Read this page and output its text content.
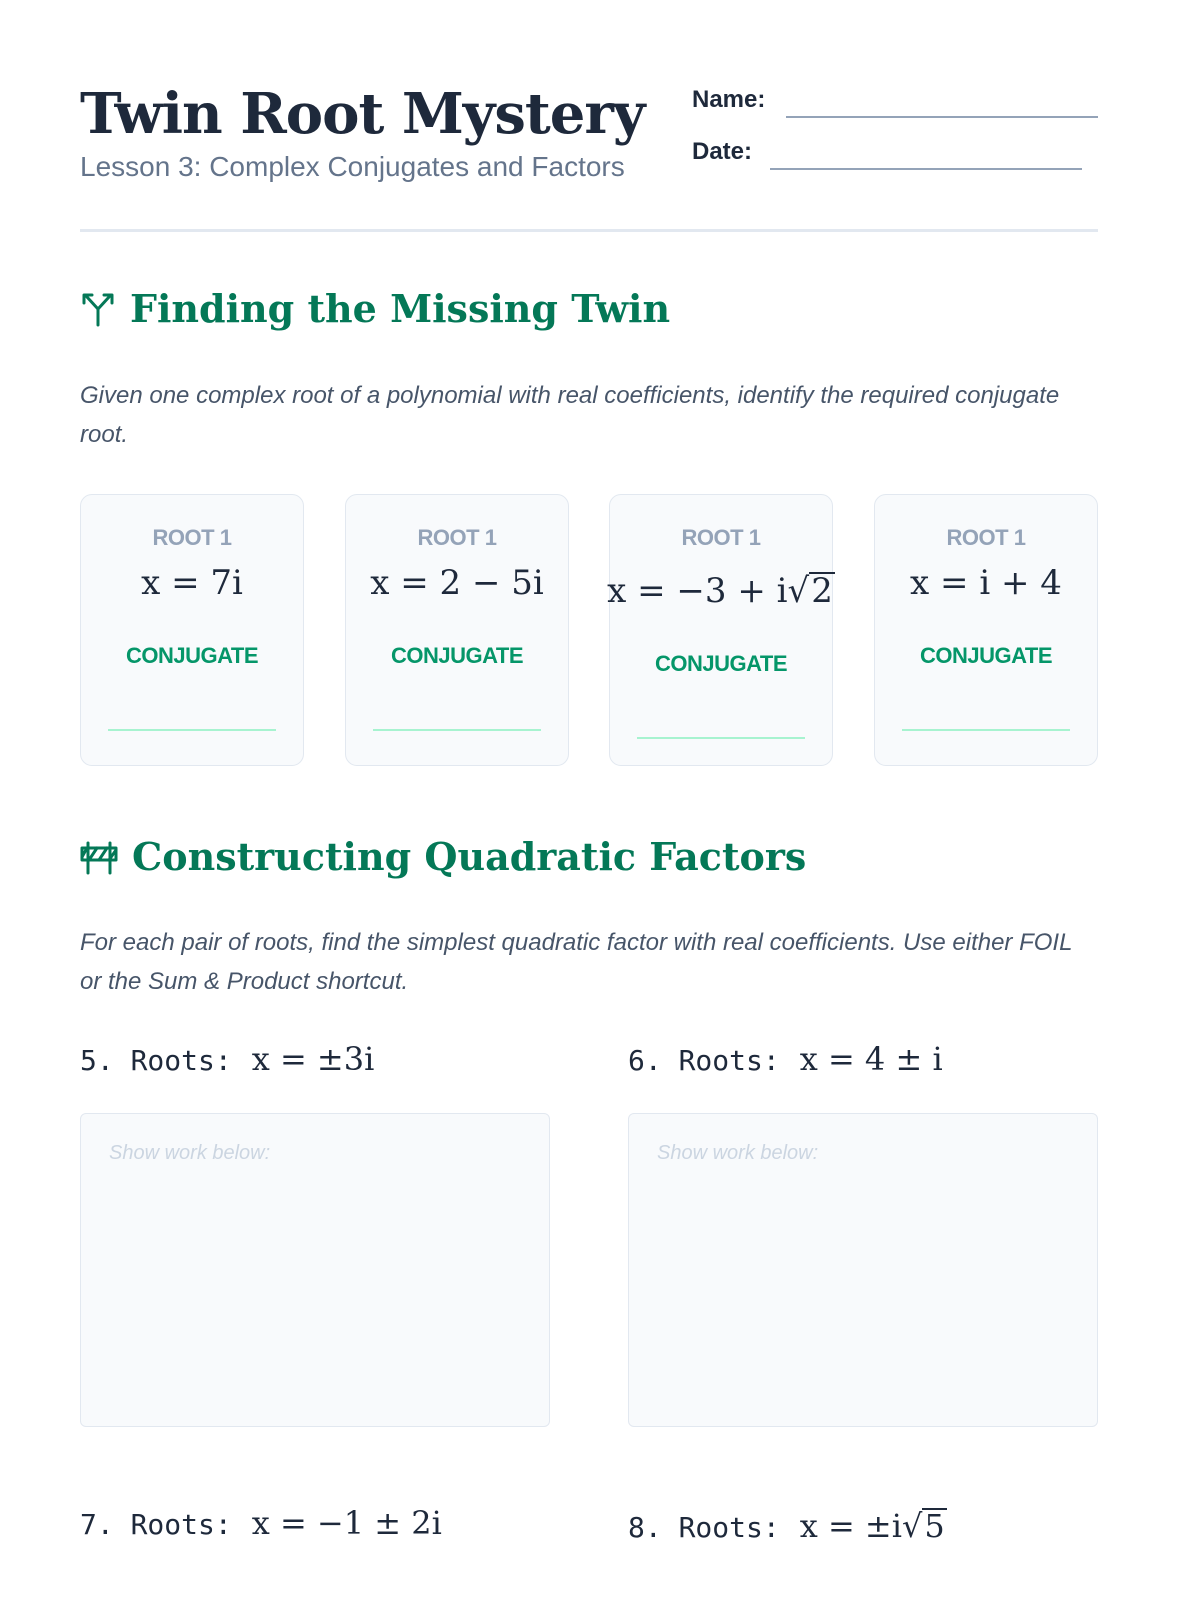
Twin Root Mystery
Lesson 3: Complex Conjugates and Factors
Name:
Date:
Finding the Missing Twin
Given one complex root of a polynomial with real coefficients, identify the required conjugate root.
ROOT 1
x = 7i
CONJUGATE
ROOT 1
x = 2 − 5i
CONJUGATE
ROOT 1
x = −3 + i√2
CONJUGATE
ROOT 1
x = i + 4
CONJUGATE
Constructing Quadratic Factors
For each pair of roots, find the simplest quadratic factor with real coefficients. Use either FOIL or the Sum & Product shortcut.
5. Roots: x = ±3i	6. Roots: x = 4 ± i
Show work below:	Show work below:
7. Roots: x = −1 ± 2i	8. Roots: x = ±i√5
